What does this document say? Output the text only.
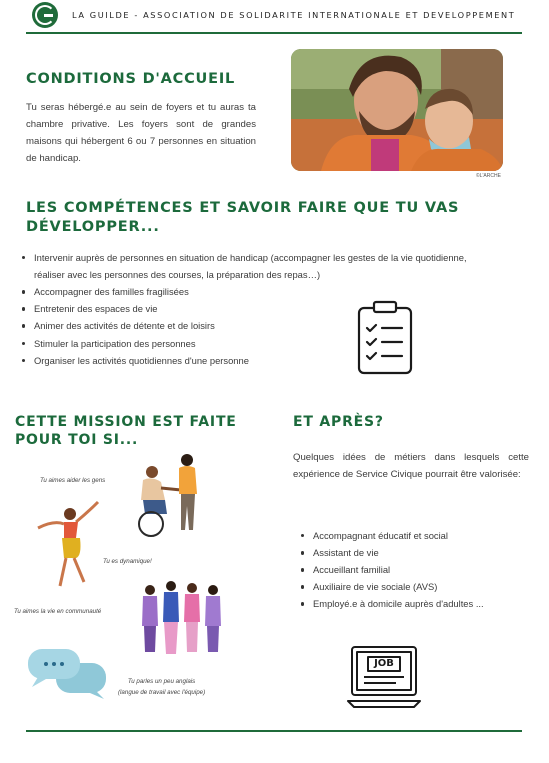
LA GUILDE - ASSOCIATION DE SOLIDARITE INTERNATIONALE ET DEVELOPPEMENT
CONDITIONS D'ACCUEIL

Tu seras hébergé.e au sein de foyers et tu auras ta chambre privative. Les foyers sont de grandes maisons qui hébergent 6 ou 7 personnes en situation de handicap.

©L'ARCHE
LES COMPÉTENCES ET SAVOIR FAIRE QUE TU VAS
DÉVELOPPER...
Intervenir auprès de personnes en situation de handicap (accompagner les gestes de la vie quotidienne, réaliser avec les personnes des courses, la préparation des repas…)
Accompagner des familles fragilisées
Entretenir des espaces de vie
Animer des activités de détente et de loisirs
Stimuler la participation des personnes
Organiser les activités quotidiennes d'une personne
CETTE MISSION EST FAITE
POUR TOI SI...
Tu aimes aider les gens
Tu es dynamique!
Tu aimes la vie en communauté
Tu parles un peu anglais
(langue de travail avec l'équipe)
ET APRÈS?

Quelques idées de métiers dans lesquels cette expérience de Service Civique pourrait être valorisée:

Accompagnant éducatif et social
Assistant de vie
Accueillant familial
Auxiliaire de vie sociale (AVS)
Employé.e à domicile auprès d'adultes ...
JOB
